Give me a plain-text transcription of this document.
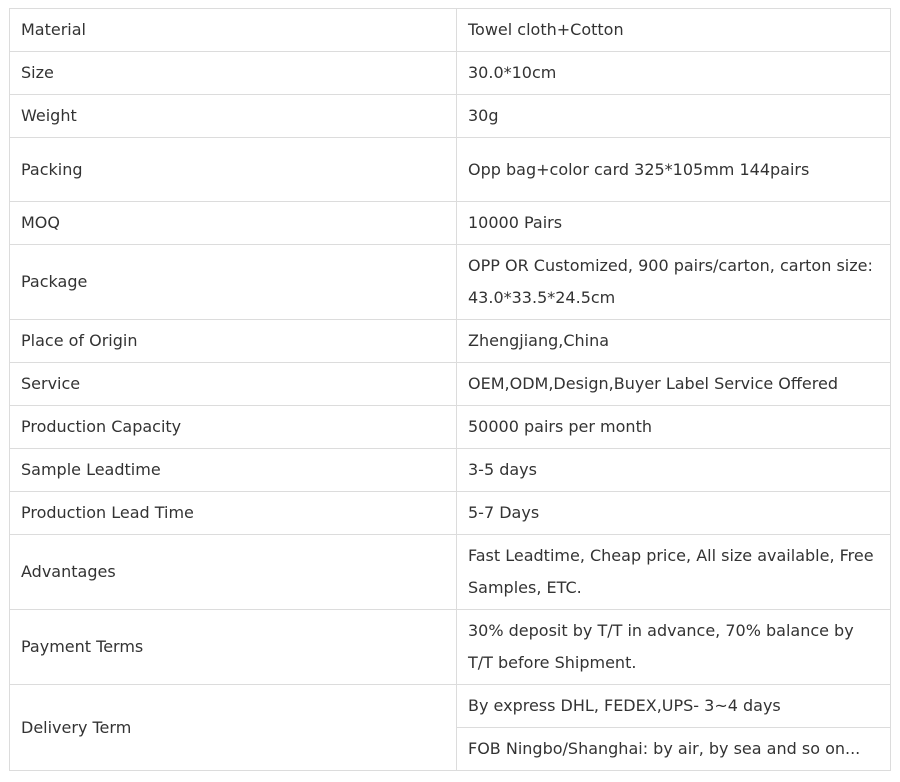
Material	Towel cloth+Cotton
Size	30.0*10cm
Weight	30g
Packing	Opp bag+color card 325*105mm 144pairs
MOQ	10000 Pairs
Package	OPP OR Customized, 900 pairs/carton, carton size: 43.0*33.5*24.5cm
Place of Origin	Zhengjiang,China
Service	OEM,ODM,Design,Buyer Label Service Offered
Production Capacity	50000 pairs per month
Sample Leadtime	3-5 days
Production Lead Time	5-7 Days
Advantages	Fast Leadtime, Cheap price, All size available, Free Samples, ETC.
Payment Terms	30% deposit by T/T in advance, 70% balance by T/T before Shipment.
Delivery Term	By express DHL, FEDEX,UPS- 3~4 days
	FOB Ningbo/Shanghai: by air, by sea and so on...
